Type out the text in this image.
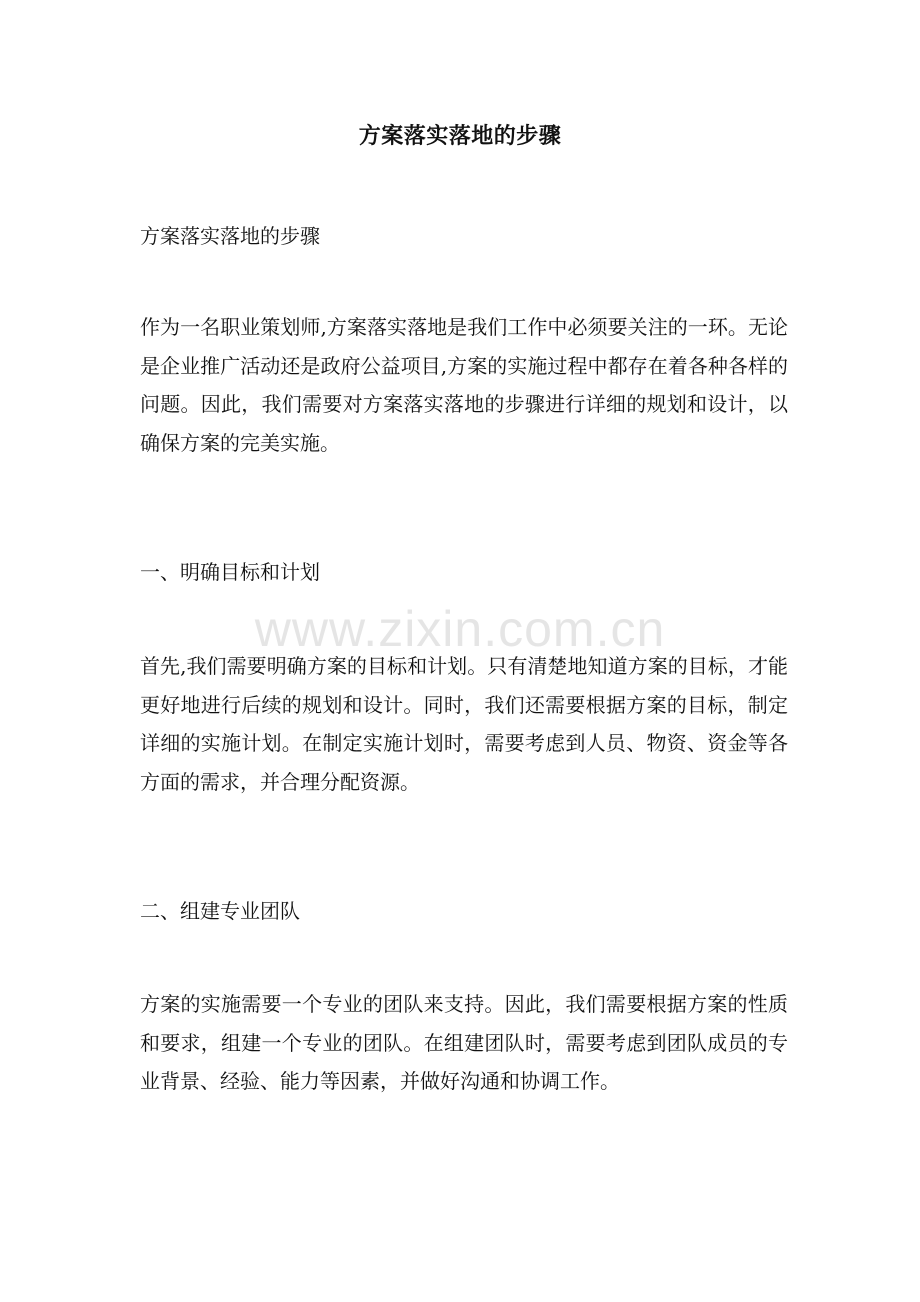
方案落实落地的步骤
方案落实落地的步骤
作为一名职业策划师,方案落实落地是我们工作中必须要关注的一环。无论是企业推广活动还是政府公益项目,方案的实施过程中都存在着各种各样的问题。因此，我们需要对方案落实落地的步骤进行详细的规划和设计，以确保方案的完美实施。
一、明确目标和计划
首先,我们需要明确方案的目标和计划。只有清楚地知道方案的目标，才能更好地进行后续的规划和设计。同时，我们还需要根据方案的目标，制定详细的实施计划。在制定实施计划时，需要考虑到人员、物资、资金等各方面的需求，并合理分配资源。
二、组建专业团队
方案的实施需要一个专业的团队来支持。因此，我们需要根据方案的性质和要求，组建一个专业的团队。在组建团队时，需要考虑到团队成员的专业背景、经验、能力等因素，并做好沟通和协调工作。
www.zixin.com.cn
